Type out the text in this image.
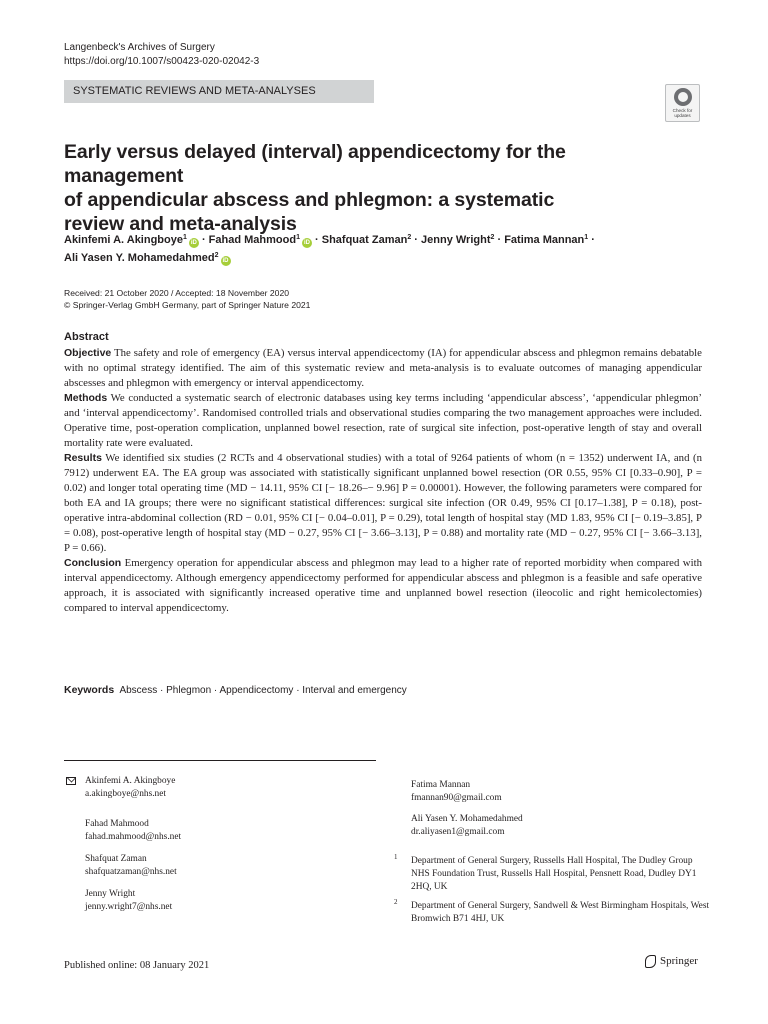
Langenbeck's Archives of Surgery
https://doi.org/10.1007/s00423-020-02042-3
SYSTEMATIC REVIEWS AND META-ANALYSES
Check for
updates
Early versus delayed (interval) appendicectomy for the management
of appendicular abscess and phlegmon: a systematic
review and meta-analysis
Akinfemi A. Akingboye$^1$iD · Fahad Mahmood$^1$iD · Shafquat Zaman$^2$ · Jenny Wright$^2$ · Fatima Mannan$^1$ ·
Ali Yasen Y. Mohamedahmed$^2$iD
Received: 21 October 2020 / Accepted: 18 November 2020
© Springer-Verlag GmbH Germany, part of Springer Nature 2021
Abstract

Objective The safety and role of emergency (EA) versus interval appendicectomy (IA) for appendicular abscess and phlegmon remains debatable with no optimal strategy identified. The aim of this systematic review and meta-analysis is to evaluate outcomes of managing appendicular abscesses and phlegmon with emergency or interval appendicectomy.

Methods We conducted a systematic search of electronic databases using key terms including ‘appendicular abscess’, ‘appendicular phlegmon’ and ‘interval appendicectomy’. Randomised controlled trials and observational studies comparing the two management approaches were included. Operative time, post-operation complication, unplanned bowel resection, rate of surgical site infection, post-operative length of stay and overall mortality rate were evaluated.

Results We identified six studies (2 RCTs and 4 observational studies) with a total of 9264 patients of whom (n = 1352) underwent IA, and (n 7912) underwent EA. The EA group was associated with statistically significant unplanned bowel resection (OR 0.55, 95% CI [0.33–0.90], P = 0.02) and longer total operating time (MD − 14.11, 95% CI [− 18.26–− 9.96] P = 0.00001). However, the following parameters were compared for both EA and IA groups; there were no significant statistical differences: surgical site infection (OR 0.49, 95% CI [0.17–1.38], P = 0.18), post-operative intra-abdominal collection (RD − 0.01, 95% CI [− 0.04–0.01], P = 0.29), total length of hospital stay (MD 1.83, 95% CI [− 0.19–3.85], P = 0.08), post-operative length of hospital stay (MD − 0.27, 95% CI [− 3.66–3.13], P = 0.88) and mortality rate (MD − 0.27, 95% CI [− 3.66–3.13], P = 0.66).

Conclusion Emergency operation for appendicular abscess and phlegmon may lead to a higher rate of reported morbidity when compared with interval appendicectomy. Although emergency appendicectomy performed for appendicular abscess and phlegmon is a feasible and safe operative approach, it is associated with significantly increased operative time and unplanned bowel resection (ileocolic and right hemicolectomies) compared to interval appendicectomy.

Keywords Abscess · Phlegmon · Appendicectomy · Interval and emergency
Akinfemi A. Akingboye
a.akingboye@nhs.net
Fahad Mahmood
fahad.mahmood@nhs.net
Shafquat Zaman
shafquatzaman@nhs.net
Jenny Wright
jenny.wright7@nhs.net
Fatima Mannan
fmannan90@gmail.com
Ali Yasen Y. Mohamedahmed
dr.aliyasen1@gmail.com
1 Department of General Surgery, Russells Hall Hospital, The Dudley Group NHS Foundation Trust, Russells Hall Hospital, Pensnett Road, Dudley DY1 2HQ, UK
2 Department of General Surgery, Sandwell & West Birmingham Hospitals, West Bromwich B71 4HJ, UK
Published online: 08 January 2021	Springer
